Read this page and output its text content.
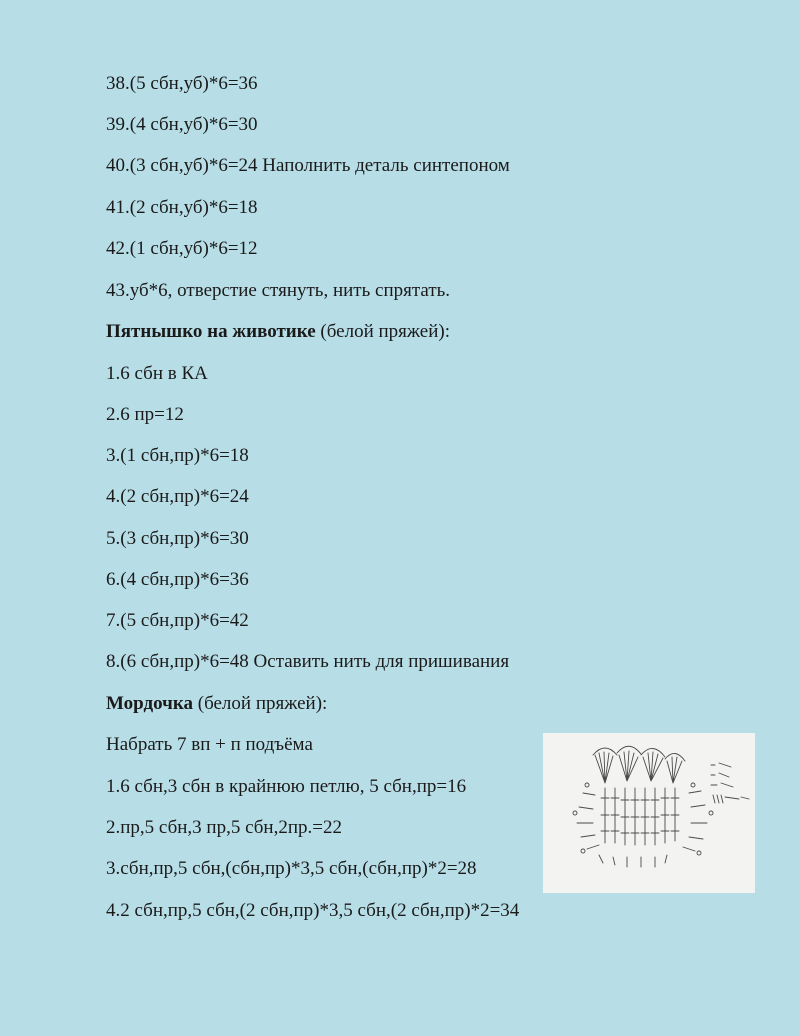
38.(5 сбн,уб)*6=36
39.(4 сбн,уб)*6=30
40.(3 сбн,уб)*6=24 Наполнить деталь синтепоном
41.(2 сбн,уб)*6=18
42.(1 сбн,уб)*6=12
43.уб*6, отверстие стянуть, нить спрятать.
Пятнышко на животике (белой пряжей):
1.6 сбн в КА
2.6 пр=12
3.(1 сбн,пр)*6=18
4.(2 сбн,пр)*6=24
5.(3 сбн,пр)*6=30
6.(4 сбн,пр)*6=36
7.(5 сбн,пр)*6=42
8.(6 сбн,пр)*6=48 Оставить нить для пришивания
Мордочка (белой пряжей):
Набрать 7 вп + п подъёма
1.6 сбн,3 сбн в крайнюю петлю, 5 сбн,пр=16
2.пр,5 сбн,3 пр,5 сбн,2пр.=22
3.сбн,пр,5 сбн,(сбн,пр)*3,5 сбн,(сбн,пр)*2=28
4.2 сбн,пр,5 сбн,(2 сбн,пр)*3,5 сбн,(2 сбн,пр)*2=34
